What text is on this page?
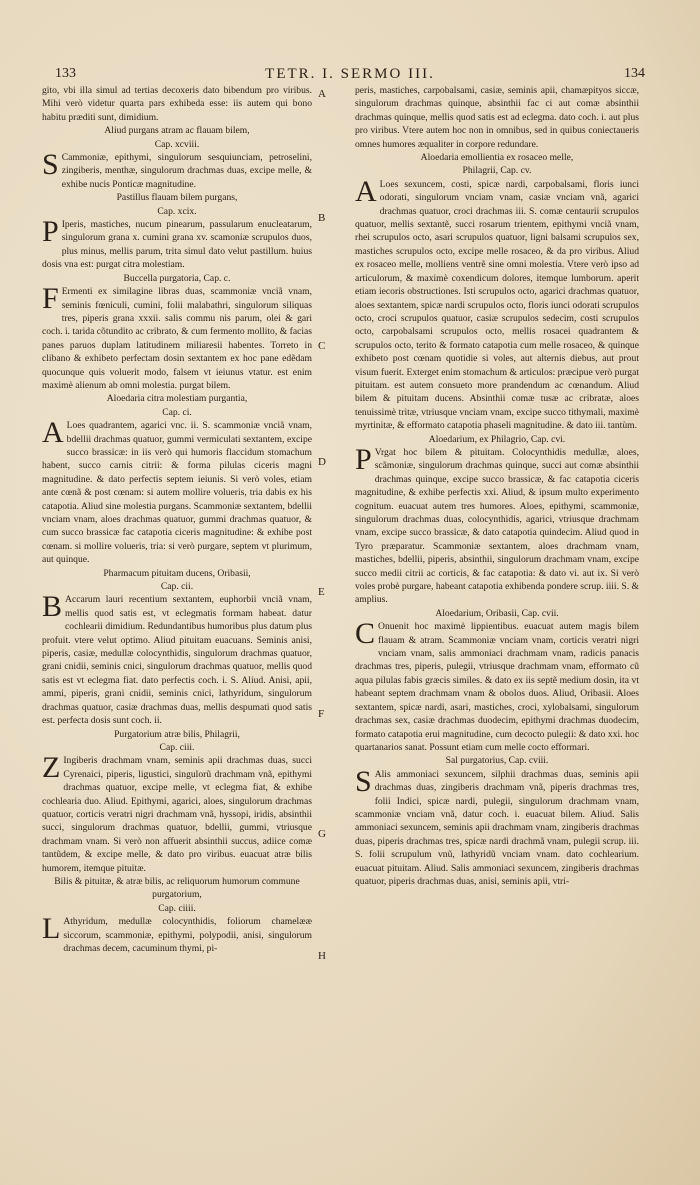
133	TETR. I. SERMO III.	134

gito, vbi illa simul ad tertias decoxeris dato bibendum pro viribus. Mihi verò videtur quarta pars exhibeda esse: iis autem qui bono habitu præditi sunt, dimidium.

Aliud purgans atram ac flauam bilem,

Cap. xcviii.

S Cammoniæ, epithymi, singulorum sesquiunciam, petroselini, zingiberis, menthæ, singulorum drachmas duas, excipe melle, & exhibe nucis Ponticæ magnitudine.

Pastillus flauam bilem purgans,

Cap. xcix.

P Iperis, mastiches, nucum pinearum, passularum enucleatarum, singulorum grana x. cumini grana xv. scamoniæ scrupulos duos, plus minus, mellis parum, trita simul dato velut pastillum. huius dosis vna est: purgat citra molestiam.

Buccella purgatoria, Cap. c.

F Ermenti ex similagine libras duas, scammoniæ vnciã vnam, seminis fœniculi, cumini, folii malabathri, singulorum siliquas tres, piperis grana xxxii. salis commu nis parum, olei & gari coch. i. tarida cõtundito ac cribrato, & cum fermento mollito, & facias panes paruos duplam latitudinem miliaresii habentes. Torreto in clibano & exhibeto perfectam dosin sextantem ex hoc pane edẽdam quocunque quis voluerit modo, falsem vt ieiunus vtatur. est enim maximè alienum ab omni molestia. purgat bilem.

Aloedaria citra molestiam purgantia,

Cap. ci.

A Loes quadrantem, agarici vnc. ii. S. scammoniæ vnciã vnam, bdellii drachmas quatuor, gummi vermiculati sextantem, excipe succo brassicæ: in iis verò qui humoris flaccidum stomachum habent, succo carnis citrii: & forma pilulas ciceris magni magnitudine. & dato perfectis septem ieiunis. Si verò voles, etiam ante cœnã & post cœnam: si autem mollire volueris, tria dabis ex his catapotia. Aliud sine molestia purgans. Scammoniæ sextantem, bdellii vnciam vnam, aloes drachmas quatuor, gummi drachmas quatuor, & cum succo brassicæ fac catapotia ciceris magnitudine: & exhibe post cœnam. si mollire volueris, tria: si verò purgare, septem vt plurimum, aut quinque.

Pharmacum pituitam ducens, Oribasii,

Cap. cii.

B Accarum lauri recentium sextantem, euphorbii vnciã vnam, mellis quod satis est, vt eclegmatis formam habeat. datur cochlearii dimidium. Redundantibus humoribus plus datum plus profuit. vtere velut optimo. Aliud pituitam euacuans. Seminis anisi, piperis, casiæ, medullæ colocynthidis, singulorum drachmas quatuor, grani cnidii, seminis cnici, singulorum drachmas quatuor, mellis quod satis est vt eclegma fiat. dato perfectis coch. i. S. Aliud. Anisi, apii, ammi, piperis, grani cnidii, seminis cnici, lathyridum, singulorum drachmas quatuor, casiæ drachmas duas, mellis despumati quod satis est. perfecta dosis sunt coch. ii.

Purgatorium atræ bilis, Philagrii,

Cap. ciii.

Z Ingiberis drachmam vnam, seminis apii drachmas duas, succi Cyrenaici, piperis, ligustici, singulorũ drachmam vnã, epithymi drachmas quatuor, excipe melle, vt eclegma fiat, & exhibe cochlearia duo. Aliud. Epithymi, agarici, aloes, singulorum drachmas quatuor, corticis veratri nigri drachmam vnã, hyssopi, iridis, absinthii succi, singulorum drachmas quatuor, bdellii, gummi, vtriusque drachmam vnam. Si verò non affuerit absinthii succus, adiice comæ tantũdem, & excipe melle, & dato pro viribus. euacuat atræ bilis humorem, itemque pituitæ.

Bilis & pituitæ, & atræ bilis, ac reliquorum humorum commune purgatorium,

Cap. ciiii.

L Athyridum, medullæ colocynthidis, foliorum chamelææ siccorum, scammoniæ, epithymi, polypodii, anisi, singulorum drachmas decem, cacuminum thymi, pi-

peris, mastiches, carpobalsami, casiæ, seminis apii, chamæpityos siccæ, singulorum drachmas quinque, absinthii fac ci aut comæ absinthii drachmas quinque, mellis quod satis est ad eclegma. dato coch. i. aut plus pro viribus. Vtere autem hoc non in omnibus, sed in quibus coniectaueris omnes humores æqualiter in corpore redundare.

Aloedaria emollientia ex rosaceo melle,

Philagrii, Cap. cv.

A Loes sexuncem, costi, spicæ nardi, carpobalsami, floris iunci odorati, singulorum vnciam vnam, casiæ vnciam vnã, agarici drachmas quatuor, croci drachmas iii. S. comæ centaurii scrupulos quatuor, mellis sextantẽ, succi rosarum trientem, epithymi vnciã vnam, rhei scrupulos octo, asari scrupulos quatuor, ligni balsami scrupulos sex, mastiches scrupulos octo, excipe melle rosaceo, & da pro viribus. Aliud ex rosaceo melle, molliens ventrẽ sine omni molestia. Vtere verò ipso ad articulorum, & maximè coxendicum dolores, itemque lumborum. aperit etiam iecoris obstructiones. Isti scrupulos octo, agarici drachmas quatuor, aloes sextantem, spicæ nardi scrupulos octo, floris iunci odorati scrupulos octo, croci scrupulos quatuor, casiæ scrupulos sedecim, costi scrupulos octo, carpobalsami scrupulos octo, mellis rosacei quadrantem & scrupulos octo, terito & formato catapotia cum melle rosaceo, & quinque exhibeto post cœnam quotidie si voles, aut alternis diebus, aut prout visum fuerit. Exterget enim stomachum & articulos: præcipue verò purgat pituitam. est autem consueto more prandendum ac cœnandum. Aliud bilem & pituitam ducens. Absinthii comæ tusæ ac cribratæ, aloes tenuissimè tritæ, vtriusque vnciam vnam, excipe succo tithymali, maximè myrtinitæ, & efformato catapotia phaseli magnitudine. & dato iii. tantùm.

Aloedarium, ex Philagrio, Cap. cvi.

P Vrgat hoc bilem & pituitam. Colocynthidis medullæ, aloes, scãmoniæ, singulorum drachmas quinque, succi aut comæ absinthii drachmas quinque, excipe succo brassicæ, & fac catapotia ciceris magnitudine, & exhibe perfectis xxi. Aliud, & ipsum multo experimento cognitum. euacuat autem tres humores. Aloes, epithymi, scammoniæ, singulorum drachmas duas, colocynthidis, agarici, vtriusque drachmam vnam, excipe succo brassicæ, & dato catapotia quindecim. Aliud quod in Tyro præparatur. Scammoniæ sextantem, aloes drachmam vnam, mastiches, bdellii, piperis, absinthii, singulorum drachmam vnam, excipe succo medii citrii ac corticis, & fac catapotia: & dato vi. aut ix. Si verò voles probè purgare, habeant catapotia exhibenda pondere scrup. iiii. S. & amplius.

Aloedarium, Oribasii, Cap. cvii.

C Onuenit hoc maximè lippientibus. euacuat autem magis bilem flauam & atram. Scammoniæ vnciam vnam, corticis veratri nigri vnciam vnam, salis ammoniaci drachmam vnam, radicis panacis drachmas tres, piperis, pulegii, vtriusque drachmam vnam, efformato cũ aqua pilulas fabis græcis similes. & dato ex iis septẽ medium dosin, ita vt habeant septem drachmam vnam & obolos duos. Aliud, Oribasii. Aloes sextantem, spicæ nardi, asari, mastiches, croci, xylobalsami, singulorum drachmas sex, casiæ drachmas duodecim, epithymi drachmas duodecim, formato catapotia erui magnitudine, cum decocto pulegii: & dato xxi. hoc quartanarios sanat. Possunt etiam cum melle cocto efformari.

Sal purgatorius, Cap. cviii.

S Alis ammoniaci sexuncem, silphii drachmas duas, seminis apii drachmas duas, zingiberis drachmam vnã, piperis drachmas tres, folii Indici, spicæ nardi, pulegii, singulorum drachmam vnam, scammoniæ vnciam vnã, datur coch. i. euacuat bilem. Aliud. Salis ammoniaci sexuncem, seminis apii drachmam vnam, zingiberis drachmas duas, piperis drachmas tres, spicæ nardi drachmã vnam, pulegii scrup. iii. S. folii scrupulum vnũ, lathyridũ vnciam vnam. dato cochlearium. euacuat pituitam. Aliud. Salis ammoniaci sexuncem, zingiberis drachmas quatuor, piperis drachmas duas, anisi, seminis apii, vtri-

A
B
C
D
E
F
G
H
